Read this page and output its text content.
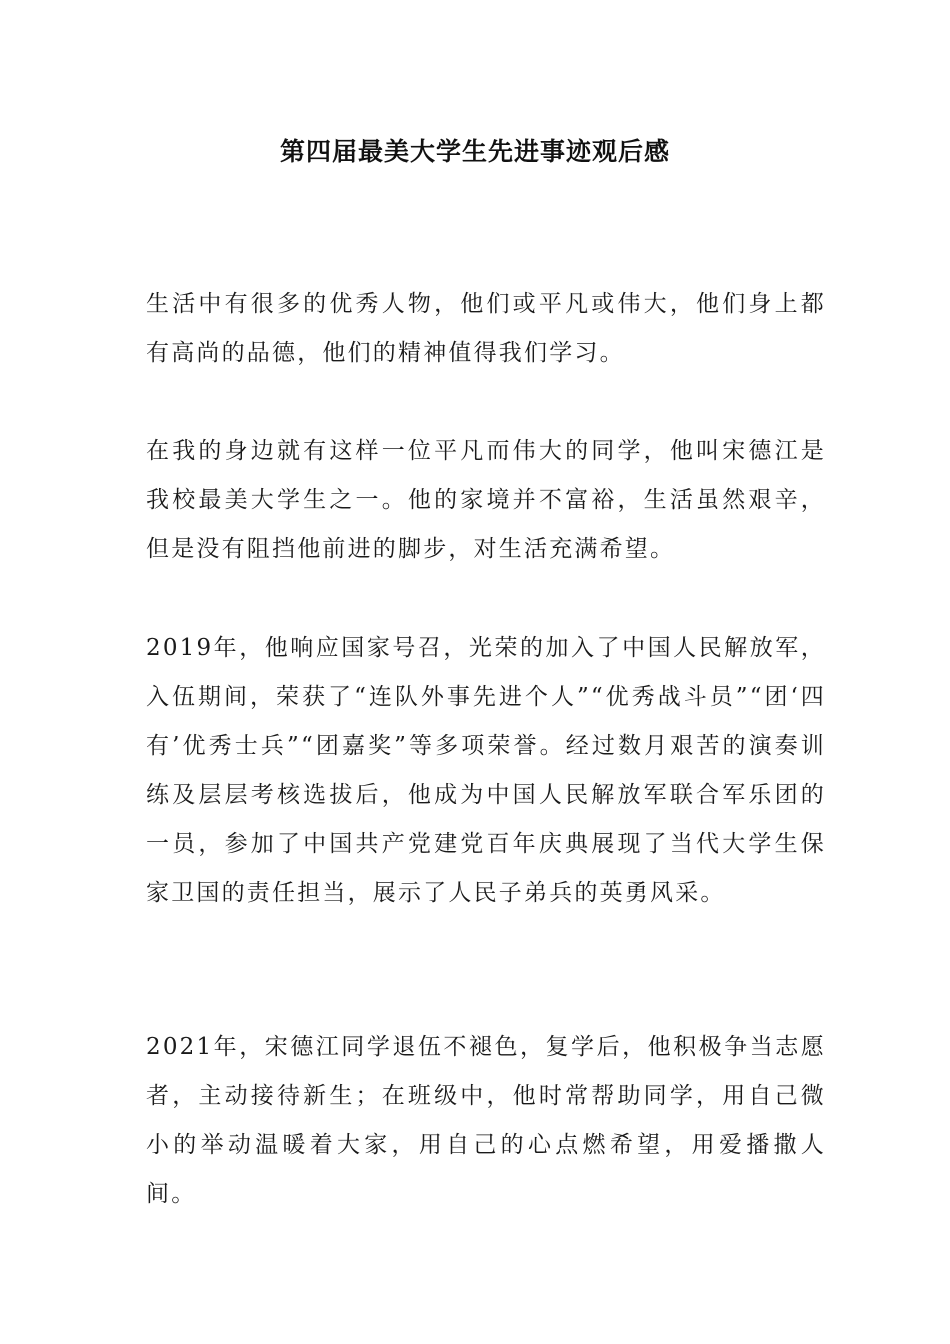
第四届最美大学生先进事迹观后感

生活中有很多的优秀人物，他们或平凡或伟大，他们身上都有高尚的品德，他们的精神值得我们学习。

在我的身边就有这样一位平凡而伟大的同学，他叫宋德江是我校最美大学生之一。他的家境并不富裕，生活虽然艰辛，但是没有阻挡他前进的脚步，对生活充满希望。

2019年，他响应国家号召，光荣的加入了中国人民解放军，入伍期间，荣获了“连队外事先进个人”“优秀战斗员”“团‘四有’优秀士兵”“团嘉奖”等多项荣誉。经过数月艰苦的演奏训练及层层考核选拔后，他成为中国人民解放军联合军乐团的一员，参加了中国共产党建党百年庆典展现了当代大学生保家卫国的责任担当，展示了人民子弟兵的英勇风采。

2021年，宋德江同学退伍不褪色，复学后，他积极争当志愿者，主动接待新生；在班级中，他时常帮助同学，用自己微小的举动温暖着大家，用自己的心点燃希望，用爱播撒人间。
